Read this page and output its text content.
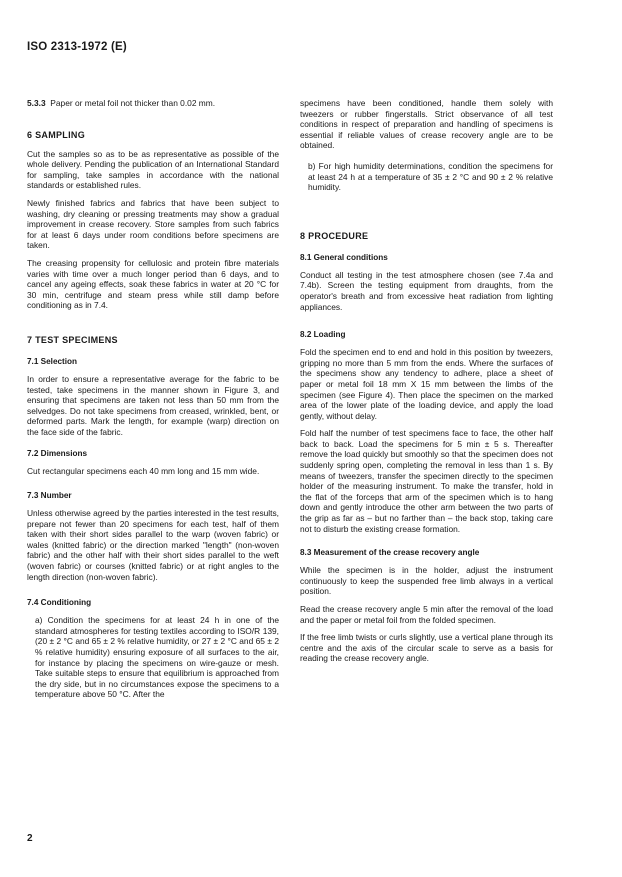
ISO 2313-1972 (E)

5.3.3 Paper or metal foil not thicker than 0.02 mm.

6 SAMPLING

Cut the samples so as to be as representative as possible of the whole delivery. Pending the publication of an International Standard for sampling, take samples in accordance with the national standards or established rules.

Newly finished fabrics and fabrics that have been subject to washing, dry cleaning or pressing treatments may show a gradual improvement in crease recovery. Store samples from such fabrics for at least 6 days under room conditions before specimens are taken.

The creasing propensity for cellulosic and protein fibre materials varies with time over a much longer period than 6 days, and to cancel any ageing effects, soak these fabrics in water at 20 °C for 30 min, centrifuge and steam press while still damp before conditioning as in 7.4.

7 TEST SPECIMENS
7.1 Selection

In order to ensure a representative average for the fabric to be tested, take specimens in the manner shown in Figure 3, and ensuring that specimens are taken not less than 50 mm from the selvedges. Do not take specimens from creased, wrinkled, bent, or deformed parts. Mark the length, for example (warp) direction on the face side of the fabric.

7.2 Dimensions

Cut rectangular specimens each 40 mm long and 15 mm wide.

7.3 Number

Unless otherwise agreed by the parties interested in the test results, prepare not fewer than 20 specimens for each test, half of them taken with their short sides parallel to the warp (woven fabric) or wales (knitted fabric) or the direction marked "length" (non-woven fabric) and the other half with their short sides parallel to the weft (woven fabric) or courses (knitted fabric) or at right angles to the length direction (non-woven fabric).

7.4 Conditioning

a) Condition the specimens for at least 24 h in one of the standard atmospheres for testing textiles according to ISO/R 139, (20 ± 2 °C and 65 ± 2 % relative humidity, or 27 ± 2 °C and 65 ± 2 % relative humidity) ensuring exposure of all surfaces to the air, for instance by placing the specimens on wire-gauze or mesh. Take suitable steps to ensure that equilibrium is approached from the dry side, but in no circumstances expose the specimens to a temperature above 50 °C. After the

specimens have been conditioned, handle them solely with tweezers or rubber fingerstalls. Strict observance of all test conditions in respect of preparation and handling of specimens is essential if reliable values of crease recovery angle are to be obtained.

b) For high humidity determinations, condition the specimens for at least 24 h at a temperature of 35 ± 2 °C and 90 ± 2 % relative humidity.

8 PROCEDURE
8.1 General conditions

Conduct all testing in the test atmosphere chosen (see 7.4a and 7.4b). Screen the testing equipment from draughts, from the operator's breath and from excessive heat radiation from lighting appliances.

8.2 Loading

Fold the specimen end to end and hold in this position by tweezers, gripping no more than 5 mm from the ends. Where the surfaces of the specimens show any tendency to adhere, place a sheet of paper or metal foil 18 mm X 15 mm between the limbs of the specimen (see Figure 4). Then place the specimen on the marked area of the lower plate of the loading device, and apply the load gently, without delay.

Fold half the number of test specimens face to face, the other half back to back. Load the specimens for 5 min ± 5 s. Thereafter remove the load quickly but smoothly so that the specimen does not suddenly spring open, completing the removal in less than 1 s. By means of tweezers, transfer the specimen directly to the specimen holder of the measuring instrument. To make the transfer, hold in the flat of the forceps that arm of the specimen which is to hang down and gently introduce the other arm between the two parts of the grip as far as – but no farther than – the back stop, taking care not to disturb the existing crease formation.

8.3 Measurement of the crease recovery angle

While the specimen is in the holder, adjust the instrument continuously to keep the suspended free limb always in a vertical position.

Read the crease recovery angle 5 min after the removal of the load and the paper or metal foil from the folded specimen.

If the free limb twists or curls slightly, use a vertical plane through its centre and the axis of the circular scale to serve as a basis for reading the crease recovery angle.

2
